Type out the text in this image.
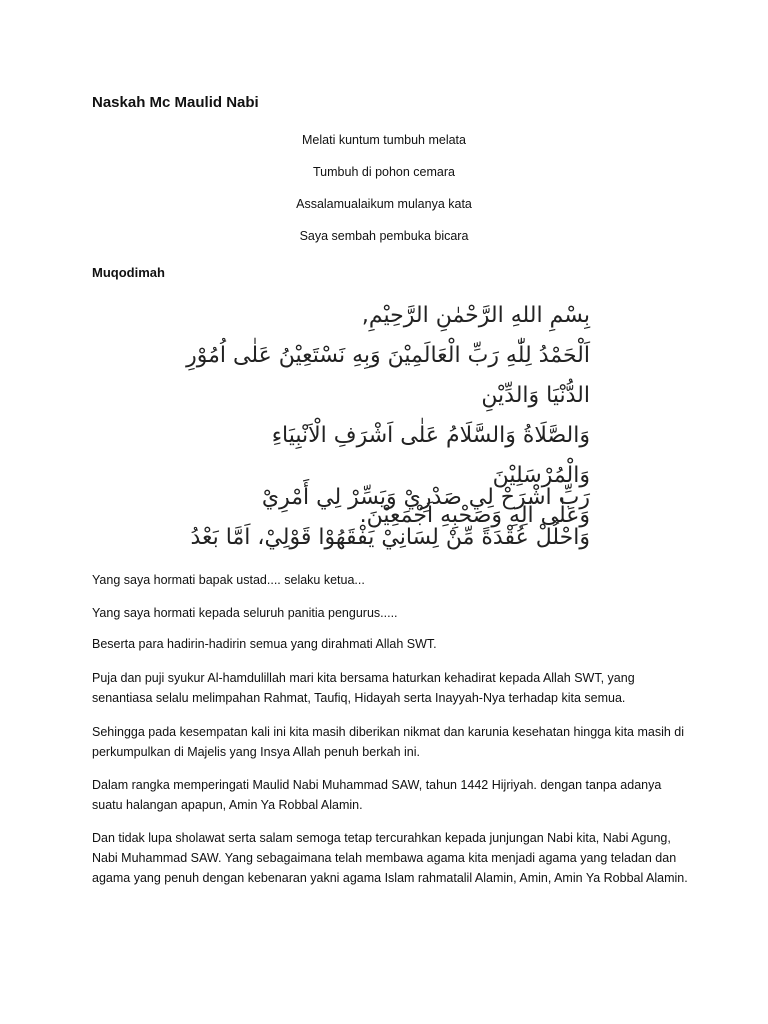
Naskah Mc Maulid Nabi
Melati kuntum tumbuh melata
Tumbuh di pohon cemara
Assalamualaikum mulanya kata
Saya sembah pembuka bicara
Muqodimah
بِسْمِ اللهِ الرَّحْمٰنِ الرَّحِيْمِ,
اَلْحَمْدُ لِلّٰهِ رَبِّ الْعَالَمِيْنَ وَبِهِ نَسْتَعِيْنُ عَلٰى اُمُوْرِ الدُّنْيَا وَالدِّيْنِ
وَالصَّلَاةُ وَالسَّلَامُ عَلٰى اَشْرَفِ الْاَنْبِيَاءِ وَالْمُرْسَلِيْنَ
وَعَلٰى اٰلِهِ وَصَحْبِهِ اَجْمَعِيْنَ.
رَبِّ اشْرَحْ لِي صَدْرِيْ وَيَسِّرْ لِي أَمْرِيْ
وَاحْلُلْ عُقْدَةً مِّنْ لِسَانِيْ يَفْقَهُوْا قَوْلِيْ، اَمَّا بَعْدُ

Yang saya hormati bapak ustad.... selaku ketua...

Yang saya hormati kepada seluruh panitia pengurus.....

Beserta para hadirin-hadirin semua yang dirahmati Allah SWT.

Puja dan puji syukur Al-hamdulillah mari kita bersama haturkan kehadirat kepada Allah SWT, yang senantiasa selalu melimpahan Rahmat, Taufiq, Hidayah serta Inayyah-Nya terhadap kita semua.

Sehingga pada kesempatan kali ini kita masih diberikan nikmat dan karunia kesehatan hingga kita masih di perkumpulkan di Majelis yang Insya Allah penuh berkah ini.

Dalam rangka memperingati Maulid Nabi Muhammad SAW, tahun 1442 Hijriyah. dengan tanpa adanya suatu halangan apapun, Amin Ya Robbal Alamin.

Dan tidak lupa sholawat serta salam semoga tetap tercurahkan kepada junjungan Nabi kita, Nabi Agung, Nabi Muhammad SAW. Yang sebagaimana telah membawa agama kita menjadi agama yang teladan dan agama yang penuh dengan kebenaran yakni agama Islam rahmatalil Alamin, Amin, Amin Ya Robbal Alamin.
